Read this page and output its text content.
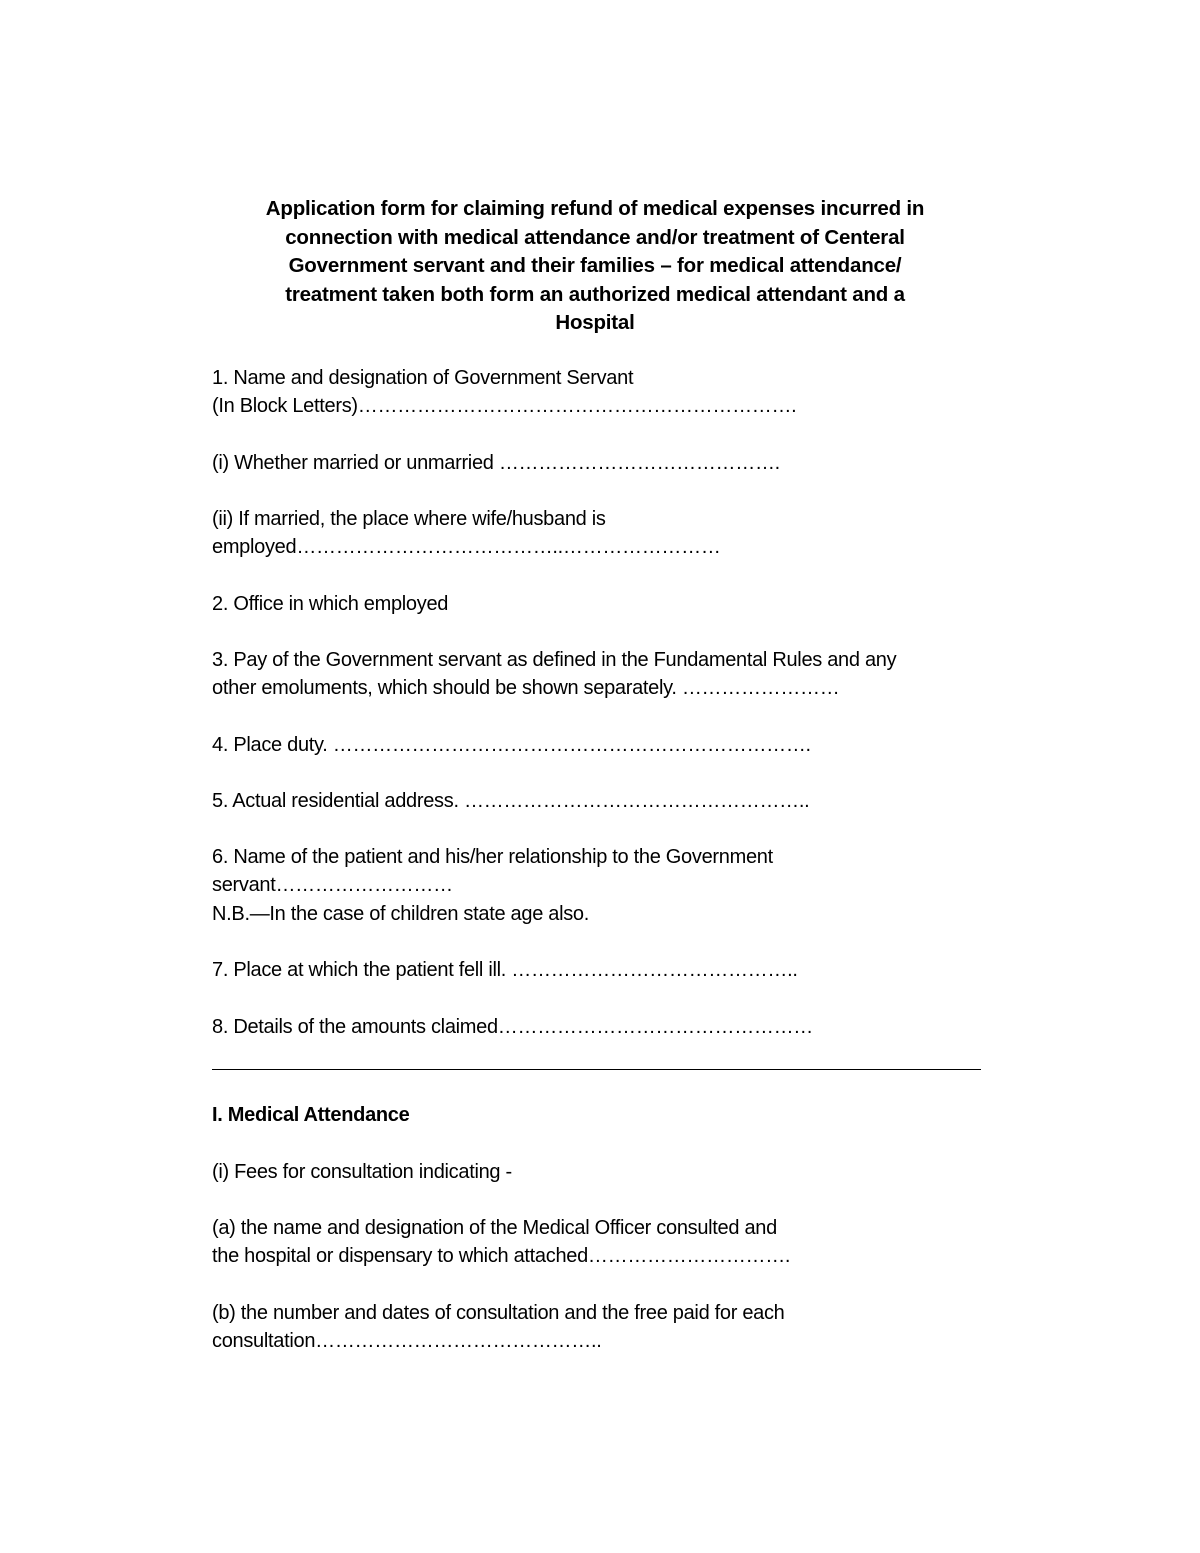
Application form for claiming refund of medical expenses incurred in
connection with medical attendance and/or treatment of Centeral
Government servant and their families – for medical attendance/
treatment taken both form an authorized medical attendant and a
Hospital
1. Name and designation of Government Servant
(In Block Letters)………………………………………………………….
(i) Whether married or unmarried …………………………………….
(ii) If married, the place where wife/husband is
employed…………………………………..……………………
2. Office in which employed
3. Pay of the Government servant as defined in the Fundamental Rules and any
other emoluments, which should be shown separately. ……………………
4. Place duty. ……………………………………………………………….
5. Actual residential address. ……………………………………………..
6. Name of the patient and his/her relationship to the Government
servant………………………
N.B.—In the case of children state age also.
7. Place at which the patient fell ill. ……………………………………..
8. Details of the amounts claimed…………………………………………
I. Medical Attendance
(i) Fees for consultation indicating -
(a) the name and designation of the Medical Officer consulted and
the hospital or dispensary to which attached………………………….
(b) the number and dates of consultation and the free paid for each
consultation……………………………………..
